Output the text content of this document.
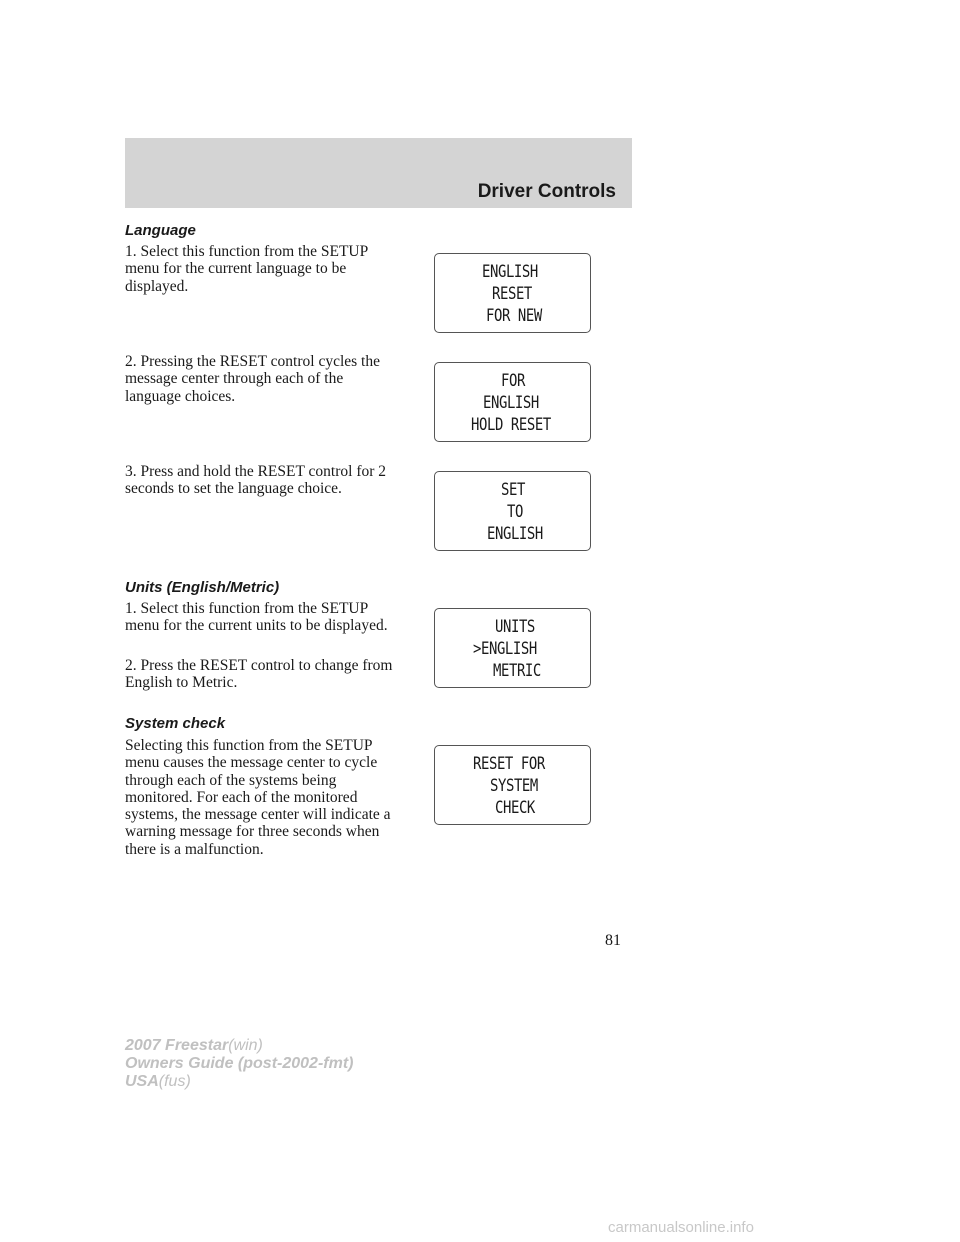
Driver Controls
Language
1. Select this function from the SETUP menu for the current language to be displayed.
2. Pressing the RESET control cycles the message center through each of the language choices.
3. Press and hold the RESET control for 2 seconds to set the language choice.
Units (English/Metric)
1. Select this function from the SETUP menu for the current units to be displayed.
2. Press the RESET control to change from English to Metric.
System check
Selecting this function from the SETUP menu causes the message center to cycle through each of the systems being monitored. For each of the monitored systems, the message center will indicate a warning message for three seconds when there is a malfunction.
ENGLISH
RESET
FOR NEW
FOR
ENGLISH
HOLD RESET
SET
TO
ENGLISH
UNITS
>ENGLISH
METRIC
RESET FOR
SYSTEM
CHECK
81
2007 Freestar(win)
Owners Guide (post-2002-fmt)
USA(fus)
carmanualsonline.info
